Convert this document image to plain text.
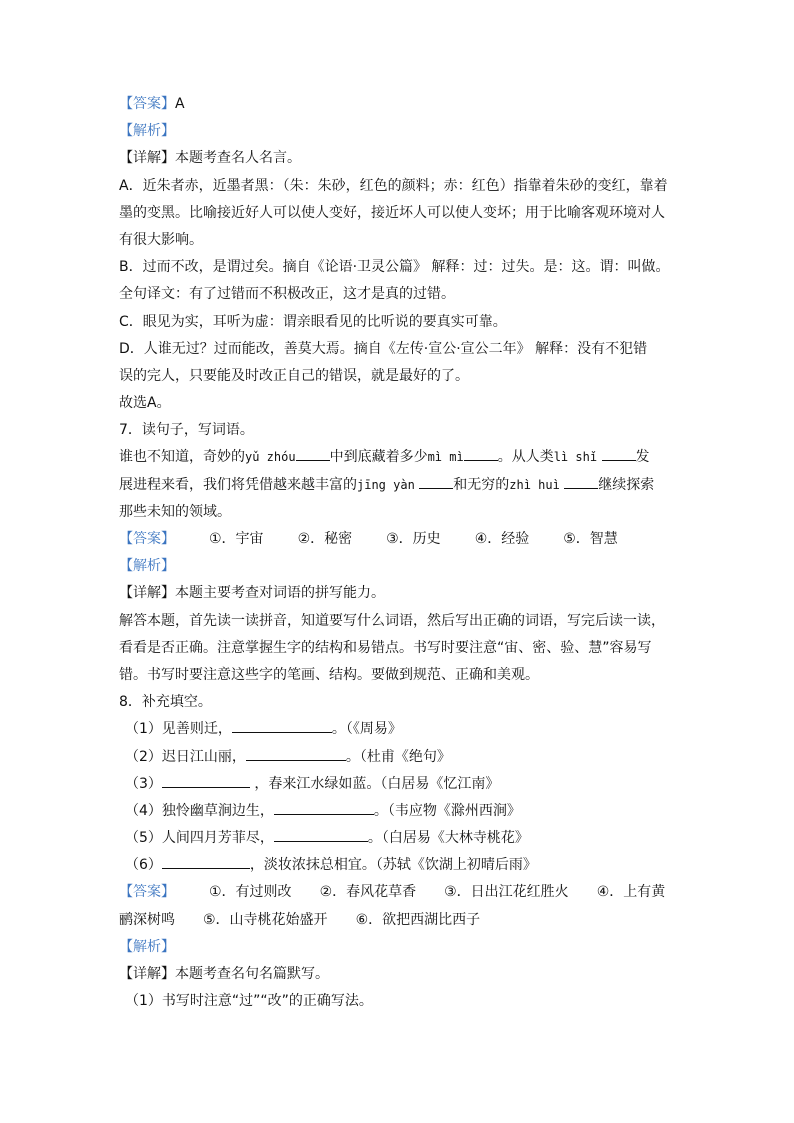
【答案】A
【解析】
【详解】本题考查名人名言。
A．近朱者赤，近墨者黑：（朱：朱砂，红色的颜料；赤：红色）指靠着朱砂的变红，靠着
墨的变黑。比喻接近好人可以使人变好，接近坏人可以使人变坏；用于比喻客观环境对人
有很大影响。
B．过而不改，是谓过矣。摘自《论语·卫灵公篇》 解释：过：过失。是：这。谓：叫做。
全句译文：有了过错而不积极改正，这才是真的过错。
C．眼见为实，耳听为虚：谓亲眼看见的比听说的要真实可靠。
D．人谁无过？过而能改，善莫大焉。摘自《左传·宣公·宣公二年》 解释：没有不犯错
误的完人，只要能及时改正自己的错误，就是最好的了。
故选A。
7．读句子，写词语。
谁也不知道，奇妙的yǔ zhóu 中到底藏着多少mì mì 。从人类lì shǐ	发
展进程来看，我们将凭借越来越丰富的jīng yàn	和无穷的zhì huì	继续探索
那些未知的领域。
【答案】 ①．宇宙 ②．秘密 ③．历史 ④．经验 ⑤．智慧
【解析】
【详解】本题主要考查对词语的拼写能力。
解答本题，首先读一读拼音，知道要写什么词语，然后写出正确的词语，写完后读一读，
看看是否正确。注意掌握生字的结构和易错点。书写时要注意“宙、密、验、慧”容易写
错。书写时要注意这些字的笔画、结构。要做到规范、正确和美观。
8．补充填空。
（1）见善则迁，	。（《周易》
（2）迟日江山丽，	。（杜甫《绝句》
（3）	，春来江水绿如蓝。（白居易《忆江南》
（4）独怜幽草涧边生，	。（韦应物《滁州西涧》
（5）人间四月芳菲尽，	。（白居易《大林寺桃花》
（6）	，淡妆浓抹总相宜。（苏轼《饮湖上初晴后雨》
【答案】 ①．有过则改 ②．春风花草香 ③．日出江花红胜火 ④．上有黄
鹂深树鸣 ⑤．山寺桃花始盛开 ⑥．欲把西湖比西子
【解析】
【详解】本题考查名句名篇默写。
（1）书写时注意“过”“改”的正确写法。
